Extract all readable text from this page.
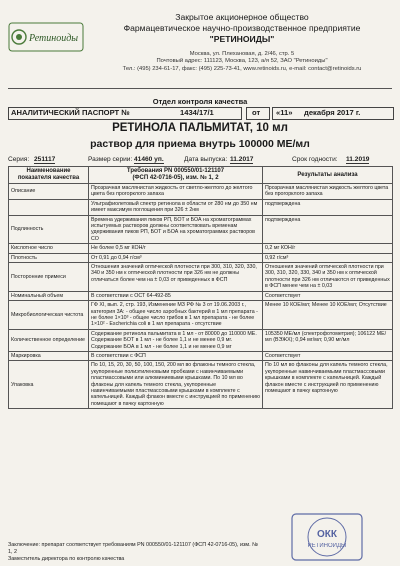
Ретиноиды
Закрытое акционерное общество
Фармацевтическое научно-производственное предприятие
"РЕТИНОИДЫ"
Москва, ул. Плехановая, д. 2/46, стр. 5
Почтовый адрес: 111123, Москва, 123, а/я 52, ЗАО "Ретиноиды"
Тел.: (495) 234-61-17, факс: (495) 225-73-41, www.retinoids.ru, e-mail: contact@retinoids.ru
Отдел контроля качества
АНАЛИТИЧЕСКИЙ ПАСПОРТ №	1434/17/1	от «11» декабря 2017 г.
РЕТИНОЛА ПАЛЬМИТАТ, 10 мл
раствор для приема внутрь 100000 МЕ/мл
Серия: 251117	Размер серии: 41460 уп.	Дата выпуска: 11.2017	Срок годности: 11.2019
Наименование показателя качества	Требования PN 000550/01-121107
(ФСП 42-0716-05), изм. № 1, 2	Результаты анализа
Описание	Прозрачная маслянистая жидкость от светло-желтого до желтого цвета без прогорклого запаха	Прозрачная маслянистая жидкость желтого цвета без прогорклого запаха
	Ультрафиолетовый спектр ретинола в области от 280 нм до 350 нм имеет максимум поглощения при 326 ± 2нм	подтверждена
Подлинность	Времена удерживания пиков РП, БОТ и БОА на хроматограммах испытуемых растворов должны соответствовать временам удерживания пиков РП, БОТ и БОА на хроматограммах растворов СО	подтверждена
Кислотное число	Не более 0,5 мг КОН/г	0,2 мг КОН/г
Плотность	От 0,91 до 0,94 г/см³	0,92 г/см³
Посторонние примеси	Отношения значений оптической плотности при 300, 310, 320, 330, 340 и 350 нм к оптической плотности при 326 нм не должны отличаться более чем на ± 0,03 от приведенных в ФСП	Отношения значений оптической плотности при 300, 310, 320, 330, 340 и 350 нм к оптической плотности при 326 нм отличаются от приведенных в ФСП менее чем на ± 0,03
Номинальный объем	В соответствии с ОСТ 64-492-85	Соответствует
Микробиологическая чистота	ГФ XI, вып. 2, стр. 193, Изменение МЗ РФ № 3 от 19.06.2003 г., категория 3А: - общее число аэробных бактерий в 1 мл препарата - не более 1×10³ - общее число грибов в 1 мл препарата - не более 1×10² - Escherichia coli в 1 мл препарата - отсутствие	Менее 10 КОЕ/мл; Менее 10 КОЕ/мл; Отсутствие
Количественное определение	Содержание ретинола пальмитата в 1 мл - от 80000 до 110000 МЕ. Содержание БОТ в 1 мл - не более 1,1 и не менее 0,9 мг. Содержание БОА в 1 мл - не более 1,1 и не менее 0,9 мг	105350 МЕ/мл (спектрофотометрия); 106122 МЕ/мл (ВЭЖХ); 0,94 мг/мл; 0,90 мг/мл
Маркировка	В соответствии с ФСП	Соответствует
Упаковка	По 10, 15, 20, 30, 50, 100, 150, 200 мл во флаконы темного стекла, укупоренные полиэтиленовыми пробками с навинчиваемыми пластмассовыми или алюминиевыми крышками. По 10 мл во флаконы для капель темного стекла, укупоренные навинчиваемыми пластмассовыми крышками в комплекте с капельницей. Каждый флакон вместе с инструкцией по применению помещают в пачку картонную	По 10 мл во флаконы для капель темного стекла, укупоренные навинчиваемыми пластмассовыми крышками в комплекте с капельницей. Каждый флакон вместе с инструкцией по применению помещают в пачку картонную
Заключение: препарат соответствует требованиям PN 000550/01-121107 (ФСП 42-0716-05), изм. № 1, 2
Заместитель директора по контролю качества
ОКК
РЕТИНОИДЫ
